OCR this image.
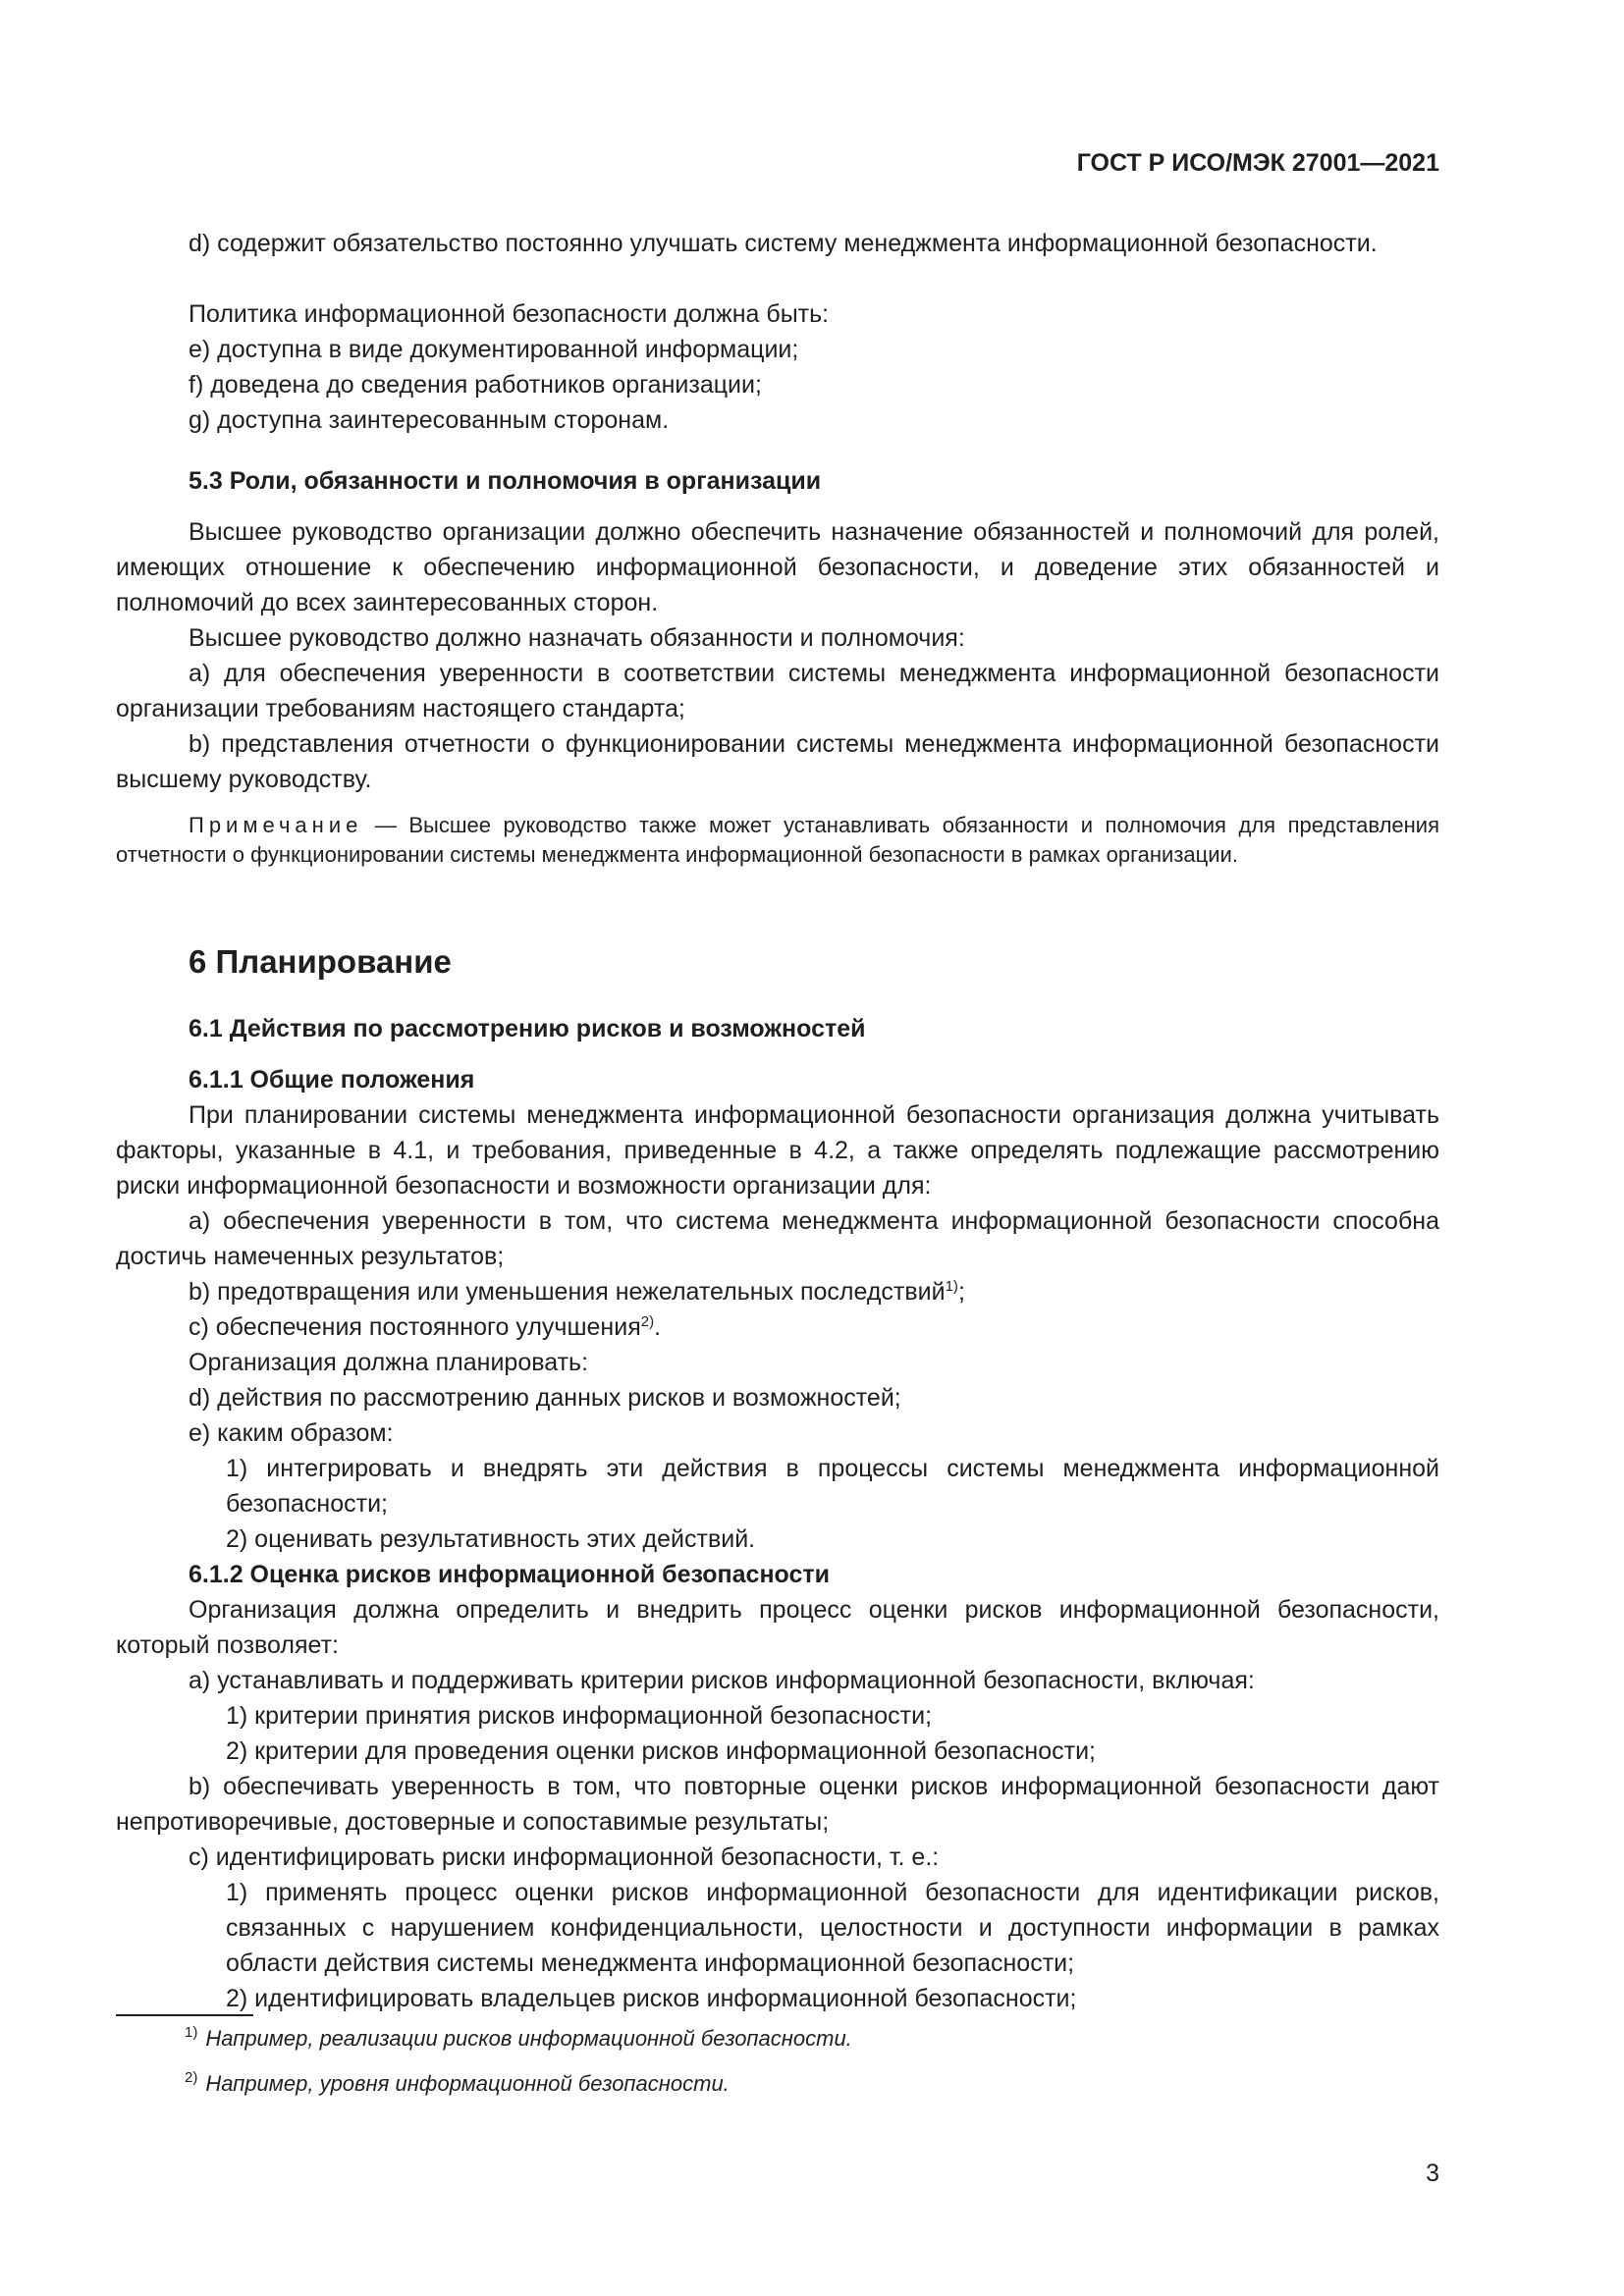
ГОСТ Р ИСО/МЭК 27001—2021
d) содержит обязательство постоянно улучшать систему менеджмента информационной безопасности.
Политика информационной безопасности должна быть:
e) доступна в виде документированной информации;
f) доведена до сведения работников организации;
g) доступна заинтересованным сторонам.
5.3 Роли, обязанности и полномочия в организации
Высшее руководство организации должно обеспечить назначение обязанностей и полномочий для ролей, имеющих отношение к обеспечению информационной безопасности, и доведение этих обязанностей и полномочий до всех заинтересованных сторон.
Высшее руководство должно назначать обязанности и полномочия:
a) для обеспечения уверенности в соответствии системы менеджмента информационной безопасности организации требованиям настоящего стандарта;
b) представления отчетности о функционировании системы менеджмента информационной безопасности высшему руководству.
Примечание — Высшее руководство также может устанавливать обязанности и полномочия для представления отчетности о функционировании системы менеджмента информационной безопасности в рамках организации.
6 Планирование
6.1 Действия по рассмотрению рисков и возможностей
6.1.1 Общие положения
При планировании системы менеджмента информационной безопасности организация должна учитывать факторы, указанные в 4.1, и требования, приведенные в 4.2, а также определять подлежащие рассмотрению риски информационной безопасности и возможности организации для:
a) обеспечения уверенности в том, что система менеджмента информационной безопасности способна достичь намеченных результатов;
b) предотвращения или уменьшения нежелательных последствий$^{1)}$;
c) обеспечения постоянного улучшения$^{2)}$.
Организация должна планировать:
d) действия по рассмотрению данных рисков и возможностей;
e) каким образом:
1) интегрировать и внедрять эти действия в процессы системы менеджмента информационной безопасности;
2) оценивать результативность этих действий.
6.1.2 Оценка рисков информационной безопасности
Организация должна определить и внедрить процесс оценки рисков информационной безопасности, который позволяет:
a) устанавливать и поддерживать критерии рисков информационной безопасности, включая:
1) критерии принятия рисков информационной безопасности;
2) критерии для проведения оценки рисков информационной безопасности;
b) обеспечивать уверенность в том, что повторные оценки рисков информационной безопасности дают непротиворечивые, достоверные и сопоставимые результаты;
c) идентифицировать риски информационной безопасности, т. е.:
1) применять процесс оценки рисков информационной безопасности для идентификации рисков, связанных с нарушением конфиденциальности, целостности и доступности информации в рамках области действия системы менеджмента информационной безопасности;
2) идентифицировать владельцев рисков информационной безопасности;
$^{1)}$ Например, реализации рисков информационной безопасности.
$^{2)}$ Например, уровня информационной безопасности.
3
